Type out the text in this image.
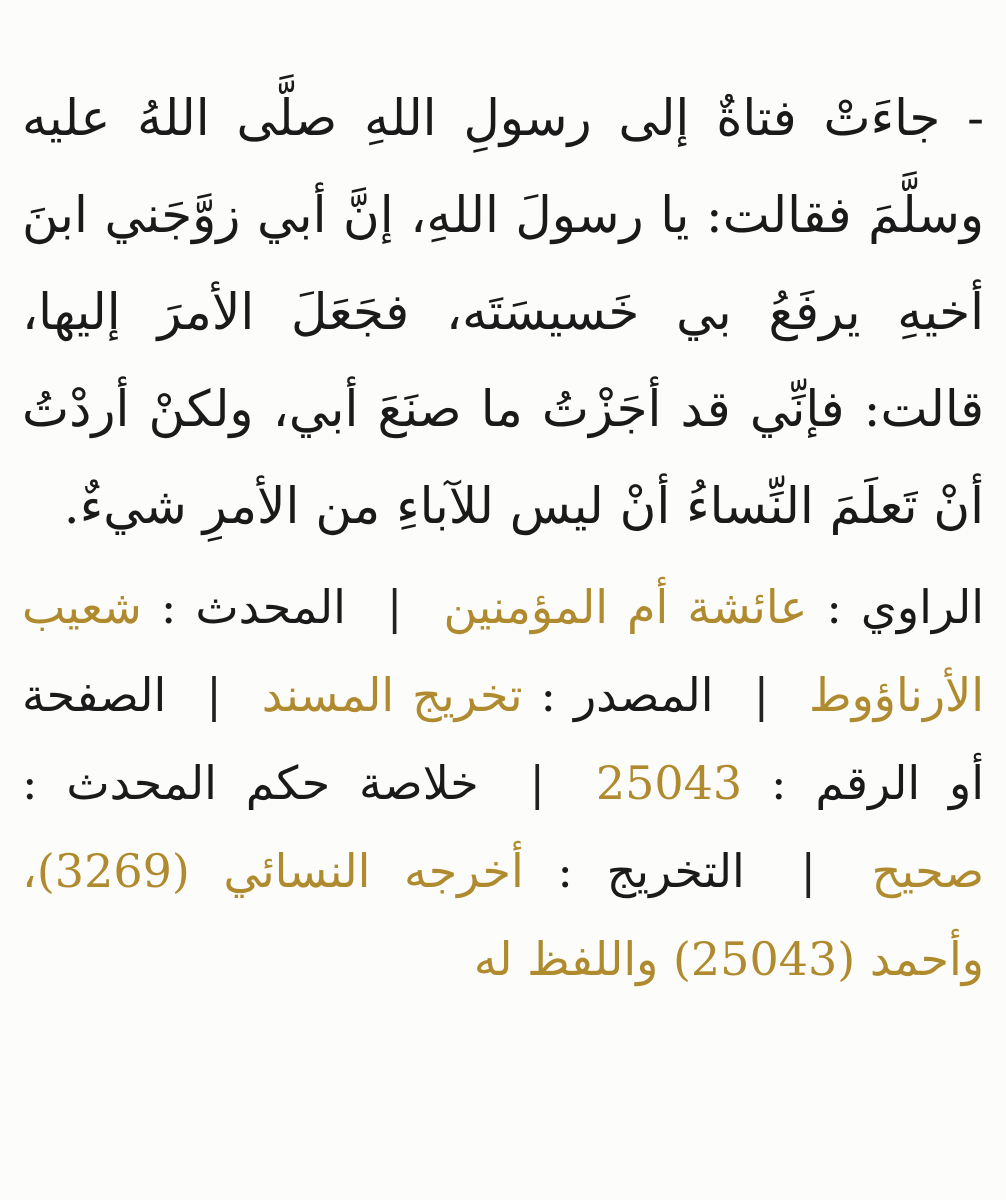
- جاءَتْ فتاةٌ إلى رسولِ اللهِ صلَّى اللهُ عليه وسلَّمَ فقالت: يا رسولَ اللهِ، إنَّ أبي زوَّجَني ابنَ أخيهِ يرفَعُ بي خَسيسَتَه، فجَعَلَ الأمرَ إليها، قالت: فإنِّي قد أجَزْتُ ما صنَعَ أبي، ولكنْ أردْتُ أنْ تَعلَمَ النِّساءُ أنْ ليس للآباءِ من الأمرِ شيءٌ.

الراوي : عائشة أم المؤمنين | المحدث : شعيب الأرناؤوط | المصدر : تخريج المسند | الصفحة أو الرقم : 25043 | خلاصة حكم المحدث : صحيح | التخريج : أخرجه النسائي (3269)، وأحمد (25043) واللفظ له
